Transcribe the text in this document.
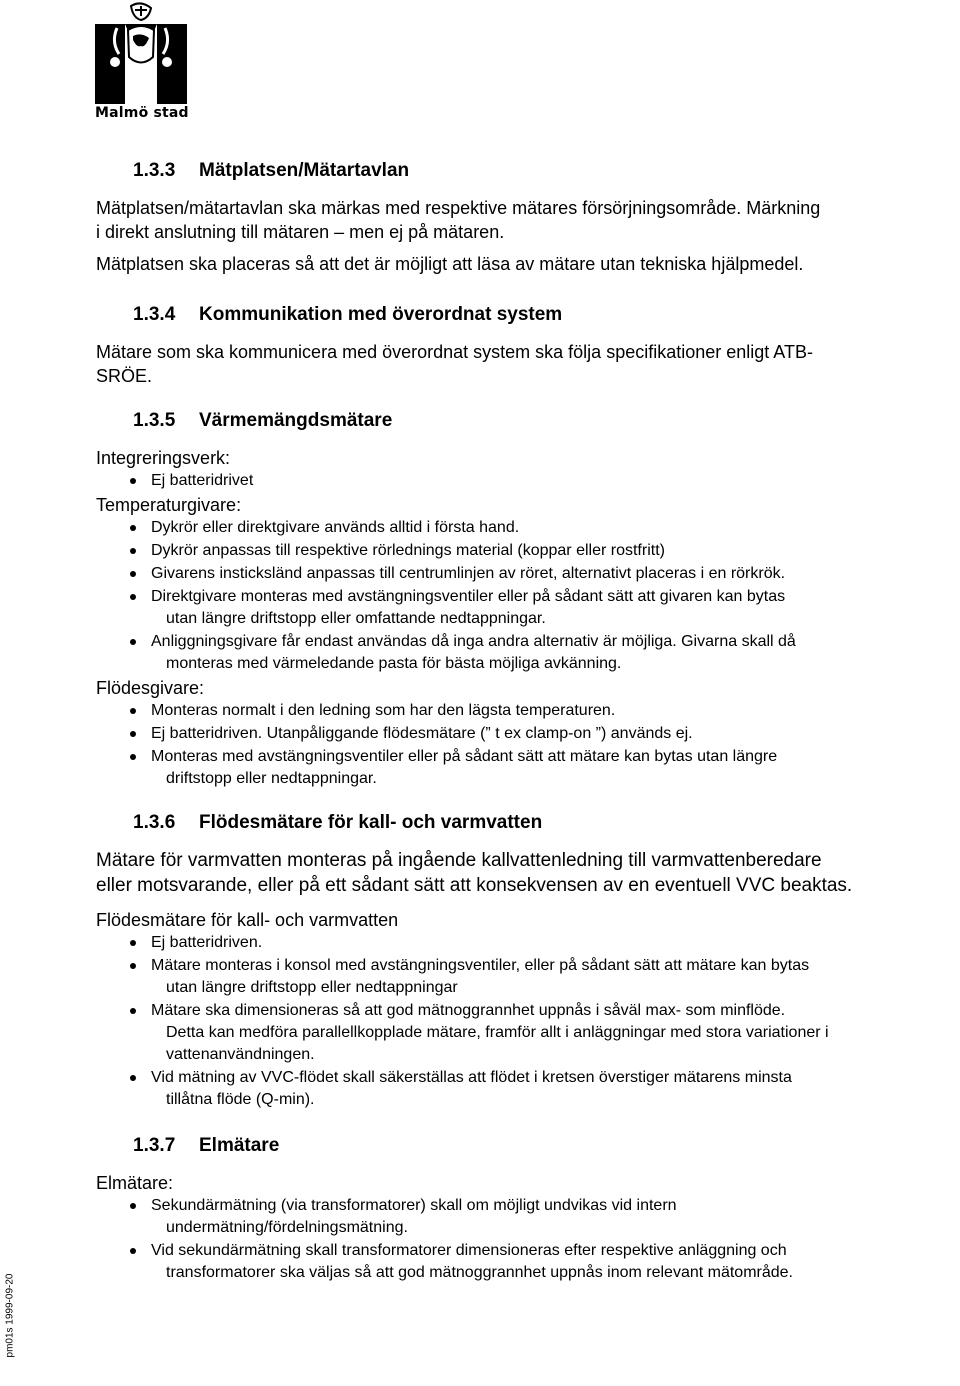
Malmö stad
1.3.3 Mätplatsen/Mätartavlan

Mätplatsen/mätartavlan ska märkas med respektive mätares försörjningsområde. Märkning

i direkt anslutning till mätaren – men ej på mätaren.

Mätplatsen ska placeras så att det är möjligt att läsa av mätare utan tekniska hjälpmedel.

1.3.4 Kommunikation med överordnat system

Mätare som ska kommunicera med överordnat system ska följa specifikationer enligt ATB-

SRÖE.

1.3.5 Värmemängdsmätare
Integreringsverk:
Ej batteridrivet
Temperaturgivare:
Dykrör eller direktgivare används alltid i första hand.
Dykrör anpassas till respektive rörlednings material (koppar eller rostfritt)
Givarens insticksländ anpassas till centrumlinjen av röret, alternativt placeras i en rörkrök.
Direktgivare monteras med avstängningsventiler eller på sådant sätt att givaren kan bytas
utan längre driftstopp eller omfattande nedtappningar.
Anliggningsgivare får endast användas då inga andra alternativ är möjliga. Givarna skall då
monteras med värmeledande pasta för bästa möjliga avkänning.
Flödesgivare:
Monteras normalt i den ledning som har den lägsta temperaturen.
Ej batteridriven. Utanpåliggande flödesmätare (” t ex clamp-on ”) används ej.
Monteras med avstängningsventiler eller på sådant sätt att mätare kan bytas utan längre
driftstopp eller nedtappningar.
1.3.6 Flödesmätare för kall- och varmvatten

Mätare för varmvatten monteras på ingående kallvattenledning till varmvattenberedare

eller motsvarande, eller på ett sådant sätt att konsekvensen av en eventuell VVC beaktas.

Flödesmätare för kall- och varmvatten
Ej batteridriven.
Mätare monteras i konsol med avstängningsventiler, eller på sådant sätt att mätare kan bytas
utan längre driftstopp eller nedtappningar
Mätare ska dimensioneras så att god mätnoggrannhet uppnås i såväl max- som minflöde.
Detta kan medföra parallellkopplade mätare, framför allt i anläggningar med stora variationer i vattenanvändningen.
Vid mätning av VVC-flödet skall säkerställas att flödet i kretsen överstiger mätarens minsta
tillåtna flöde (Q-min).
1.3.7 Elmätare
Elmätare:
Sekundärmätning (via transformatorer) skall om möjligt undvikas vid intern
undermätning/fördelningsmätning.
Vid sekundärmätning skall transformatorer dimensioneras efter respektive anläggning och
transformatorer ska väljas så att god mätnoggrannhet uppnås inom relevant mätområde.
pm01s 1999-09-20
